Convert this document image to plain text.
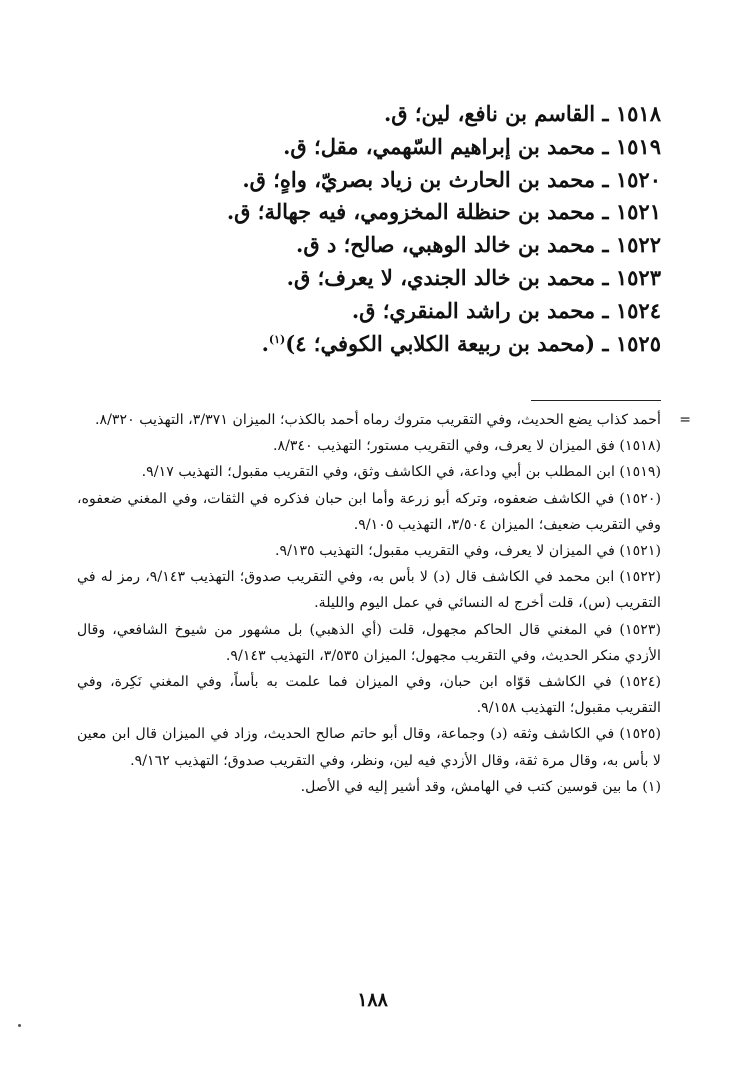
١٥١٨ ـ القاسم بن نافع، لين؛ ق.
١٥١٩ ـ محمد بن إبراهيم السّهمي، مقل؛ ق.
١٥٢٠ ـ محمد بن الحارث بن زياد بصريّ، واهٍ؛ ق.
١٥٢١ ـ محمد بن حنظلة المخزومي، فيه جهالة؛ ق.
١٥٢٢ ـ محمد بن خالد الوهبي، صالح؛ د ق.
١٥٢٣ ـ محمد بن خالد الجندي، لا يعرف؛ ق.
١٥٢٤ ـ محمد بن راشد المنقري؛ ق.
١٥٢٥ ـ (محمد بن ربيعة الكلابي الكوفي؛ ٤)$^{(١)}$.
=
أحمد كذاب يضع الحديث، وفي التقريب متروك رماه أحمد بالكذب؛ الميزان ٣/٣٧١، التهذيب ٨/٣٢٠.
(١٥١٨) فق الميزان لا يعرف، وفي التقريب مستور؛ التهذيب ٨/٣٤٠.
(١٥١٩) ابن المطلب بن أبي وداعة، في الكاشف وثق، وفي التقريب مقبول؛ التهذيب ٩/١٧.
(١٥٢٠) في الكاشف ضعفوه، وتركه أبو زرعة وأما ابن حبان فذكره في الثقات، وفي المغني ضعفوه، وفي التقريب ضعيف؛ الميزان ٣/٥٠٤، التهذيب ٩/١٠٥.
(١٥٢١) في الميزان لا يعرف، وفي التقريب مقبول؛ التهذيب ٩/١٣٥.
(١٥٢٢) ابن محمد في الكاشف قال (د) لا بأس به، وفي التقريب صدوق؛ التهذيب ٩/١٤٣، رمز له في التقريب (س)، قلت أخرج له النسائي في عمل اليوم والليلة.
(١٥٢٣) في المغني قال الحاكم مجهول، قلت (أي الذهبي) بل مشهور من شيوخ الشافعي، وقال الأزدي منكر الحديث، وفي التقريب مجهول؛ الميزان ٣/٥٣٥، التهذيب ٩/١٤٣.
(١٥٢٤) في الكاشف قوّاه ابن حبان، وفي الميزان فما علمت به بأساً، وفي المغني نَكِرة، وفي التقريب مقبول؛ التهذيب ٩/١٥٨.
(١٥٢٥) في الكاشف وثقه (د) وجماعة، وقال أبو حاتم صالح الحديث، وزاد في الميزان قال ابن معين لا بأس به، وقال مرة ثقة، وقال الأزدي فيه لين، ونظر، وفي التقريب صدوق؛ التهذيب ٩/١٦٢.
(١) ما بين قوسين كتب في الهامش، وقد أشير إليه في الأصل.
١٨٨
